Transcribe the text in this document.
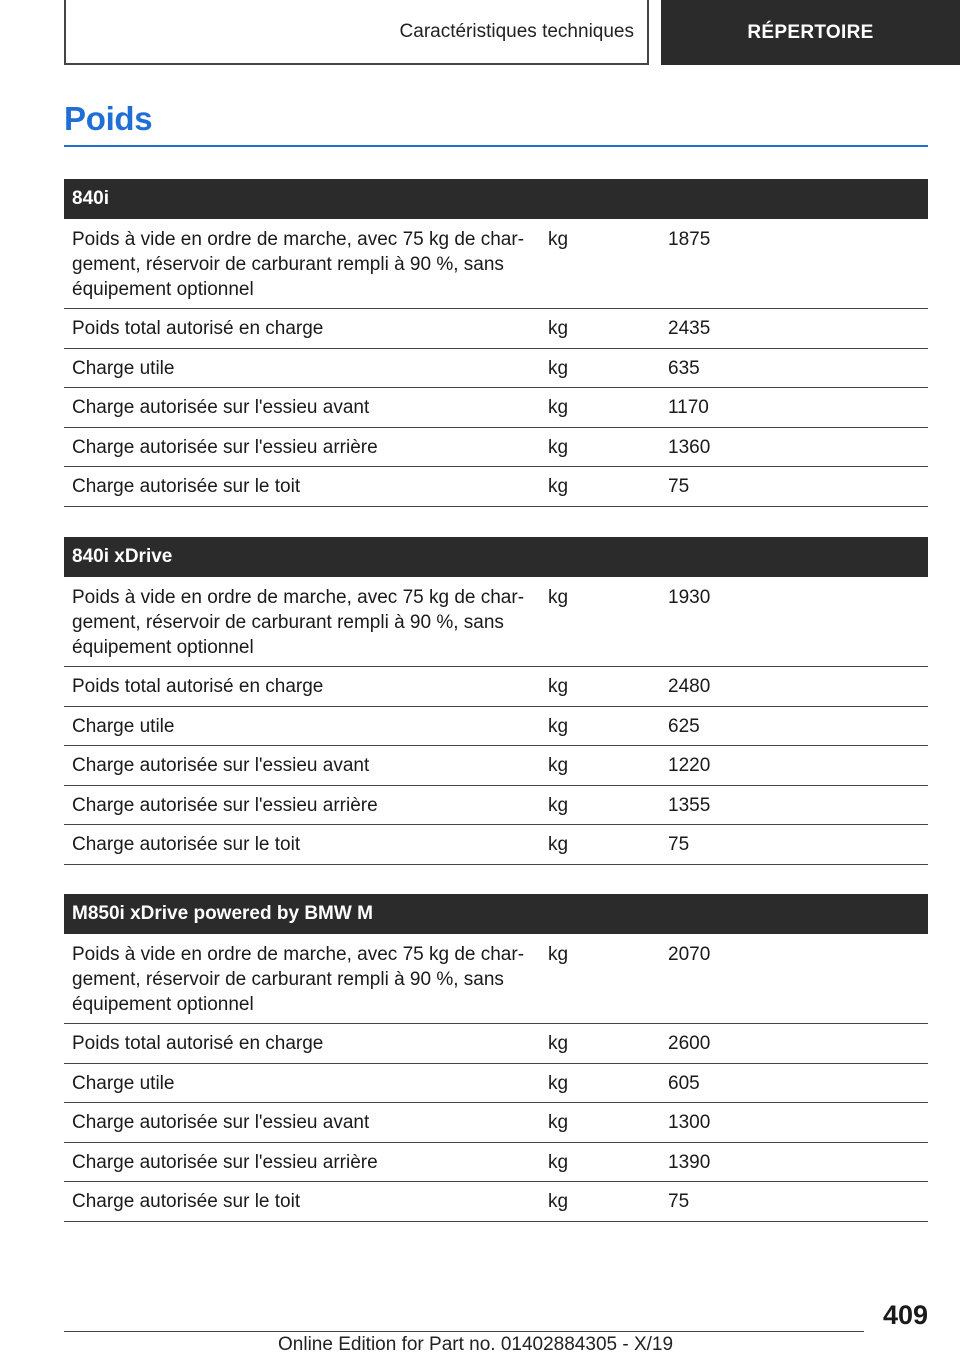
Caractéristiques techniques	RÉPERTOIRE
Poids
840i
Poids à vide en ordre de marche, avec 75 kg de char-
gement, réservoir de carburant rempli à 90 %, sans
équipement optionnel
kg	1875
Poids total autorisé en charge	kg	2435
Charge utile	kg	635
Charge autorisée sur l'essieu avant	kg	1170
Charge autorisée sur l'essieu arrière	kg	1360
Charge autorisée sur le toit	kg	75
840i xDrive
Poids à vide en ordre de marche, avec 75 kg de char-
gement, réservoir de carburant rempli à 90 %, sans
équipement optionnel
kg	1930
Poids total autorisé en charge	kg	2480
Charge utile	kg	625
Charge autorisée sur l'essieu avant	kg	1220
Charge autorisée sur l'essieu arrière	kg	1355
Charge autorisée sur le toit	kg	75
M850i xDrive powered by BMW M
Poids à vide en ordre de marche, avec 75 kg de char-
gement, réservoir de carburant rempli à 90 %, sans
équipement optionnel
kg	2070
Poids total autorisé en charge	kg	2600
Charge utile	kg	605
Charge autorisée sur l'essieu avant	kg	1300
Charge autorisée sur l'essieu arrière	kg	1390
Charge autorisée sur le toit	kg	75
409
Online Edition for Part no. 01402884305 - X/19
